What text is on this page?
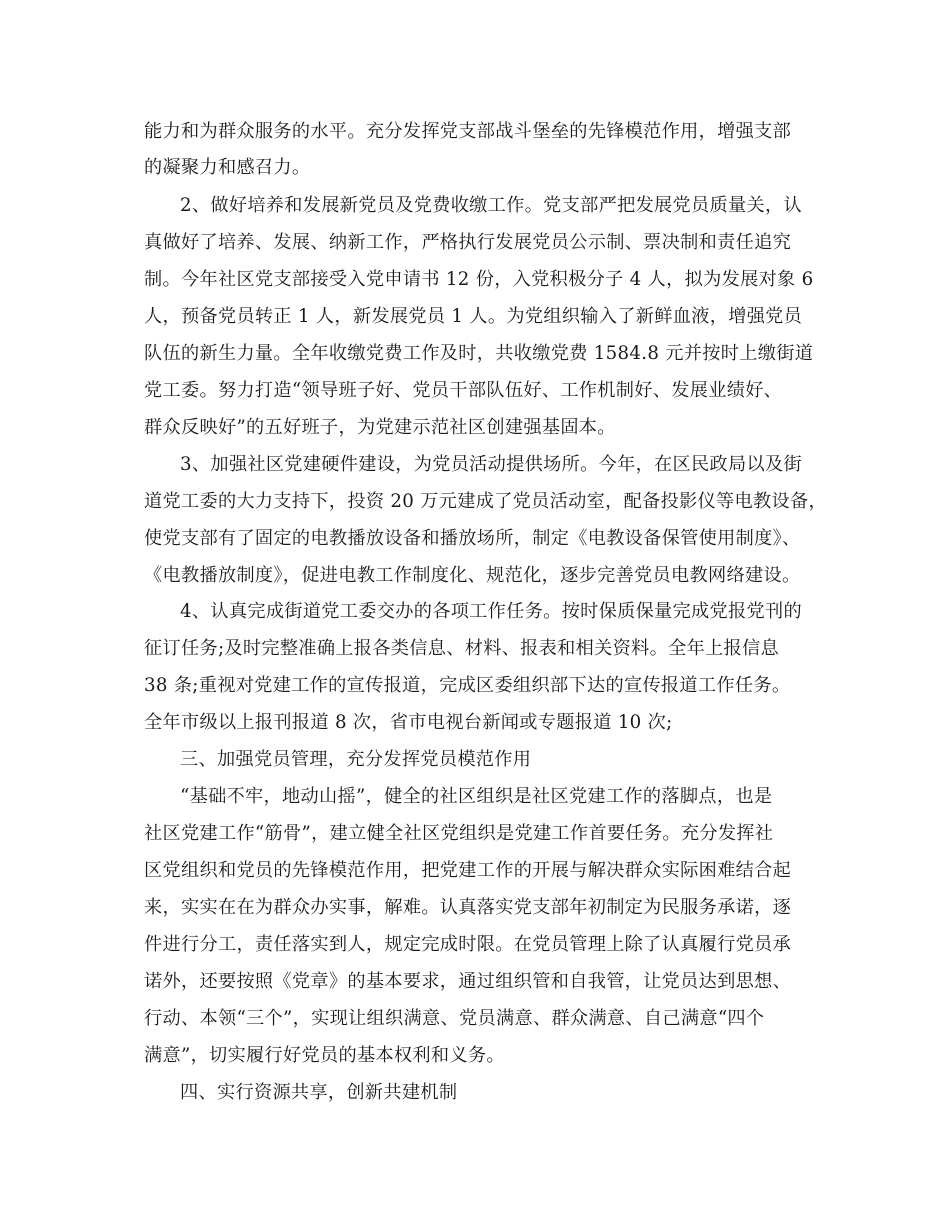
能力和为群众服务的水平。充分发挥党支部战斗堡垒的先锋模范作用，增强支部
的凝聚力和感召力。
2、做好培养和发展新党员及党费收缴工作。党支部严把发展党员质量关，认
真做好了培养、发展、纳新工作，严格执行发展党员公示制、票决制和责任追究
制。今年社区党支部接受入党申请书 12 份，入党积极分子 4 人，拟为发展对象 6
人，预备党员转正 1 人，新发展党员 1 人。为党组织输入了新鲜血液，增强党员
队伍的新生力量。全年收缴党费工作及时，共收缴党费 1584.8 元并按时上缴街道
党工委。努力打造“领导班子好、党员干部队伍好、工作机制好、发展业绩好、
群众反映好”的五好班子，为党建示范社区创建强基固本。
3、加强社区党建硬件建设，为党员活动提供场所。今年，在区民政局以及街
道党工委的大力支持下，投资 20 万元建成了党员活动室，配备投影仪等电教设备，
使党支部有了固定的电教播放设备和播放场所，制定《电教设备保管使用制度》、
《电教播放制度》，促进电教工作制度化、规范化，逐步完善党员电教网络建设。
4、认真完成街道党工委交办的各项工作任务。按时保质保量完成党报党刊的
征订任务;及时完整准确上报各类信息、材料、报表和相关资料。全年上报信息
38 条;重视对党建工作的宣传报道，完成区委组织部下达的宣传报道工作任务。
全年市级以上报刊报道 8 次，省市电视台新闻或专题报道 10 次;
三、加强党员管理，充分发挥党员模范作用
“基础不牢，地动山摇”，健全的社区组织是社区党建工作的落脚点，也是
社区党建工作“筋骨”，建立健全社区党组织是党建工作首要任务。充分发挥社
区党组织和党员的先锋模范作用，把党建工作的开展与解决群众实际困难结合起
来，实实在在为群众办实事，解难。认真落实党支部年初制定为民服务承诺，逐
件进行分工，责任落实到人，规定完成时限。在党员管理上除了认真履行党员承
诺外，还要按照《党章》的基本要求，通过组织管和自我管，让党员达到思想、
行动、本领“三个”，实现让组织满意、党员满意、群众满意、自己满意“四个
满意”，切实履行好党员的基本权利和义务。
四、实行资源共享，创新共建机制
